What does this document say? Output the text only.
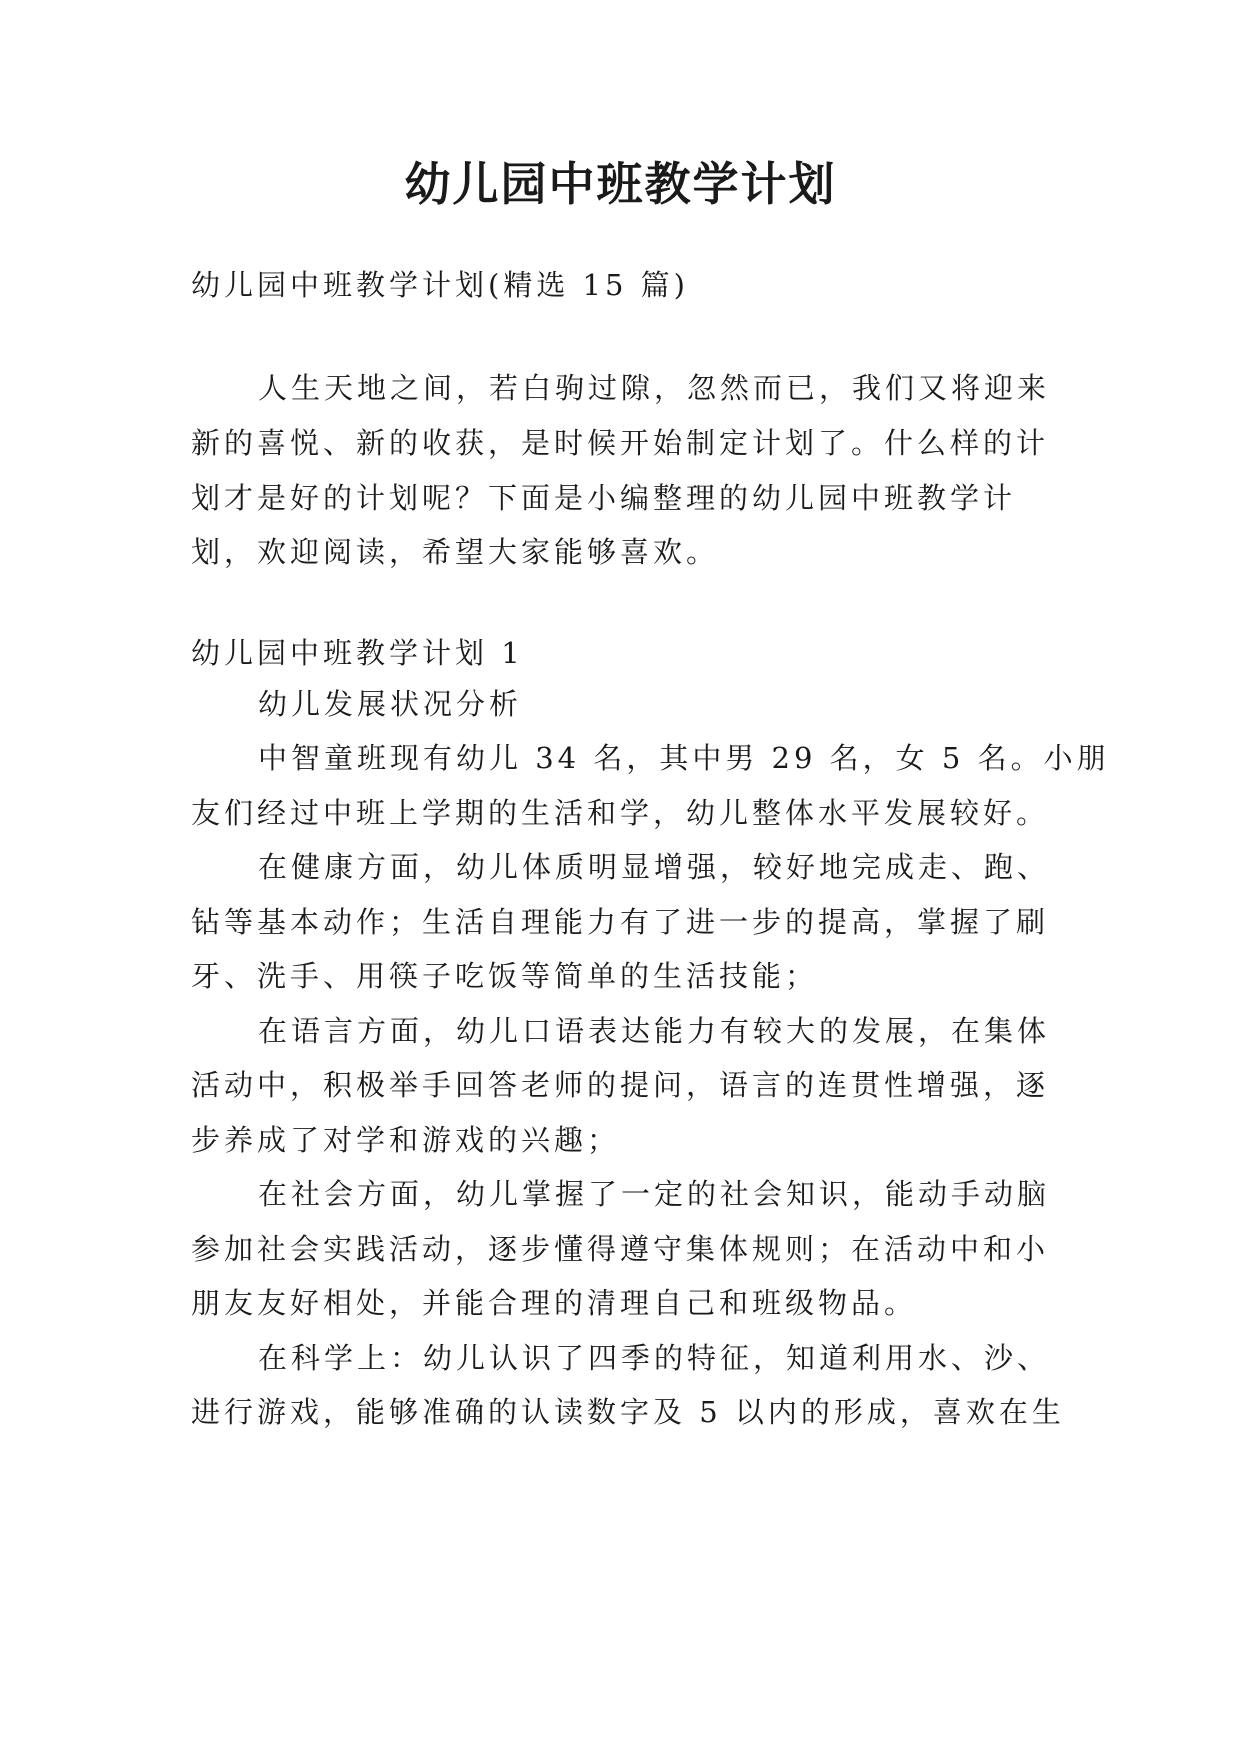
幼儿园中班教学计划

幼儿园中班教学计划(精选 15 篇)

人生天地之间，若白驹过隙，忽然而已，我们又将迎来

新的喜悦、新的收获，是时候开始制定计划了。什么样的计

划才是好的计划呢？下面是小编整理的幼儿园中班教学计

划，欢迎阅读，希望大家能够喜欢。

幼儿园中班教学计划 1

幼儿发展状况分析

中智童班现有幼儿 34 名，其中男 29 名，女 5 名。小朋

友们经过中班上学期的生活和学，幼儿整体水平发展较好。

在健康方面，幼儿体质明显增强，较好地完成走、跑、

钻等基本动作；生活自理能力有了进一步的提高，掌握了刷

牙、洗手、用筷子吃饭等简单的生活技能；

在语言方面，幼儿口语表达能力有较大的发展，在集体

活动中，积极举手回答老师的提问，语言的连贯性增强，逐

步养成了对学和游戏的兴趣；

在社会方面，幼儿掌握了一定的社会知识，能动手动脑

参加社会实践活动，逐步懂得遵守集体规则；在活动中和小

朋友友好相处，并能合理的清理自己和班级物品。

在科学上：幼儿认识了四季的特征，知道利用水、沙、

进行游戏，能够准确的认读数字及 5 以内的形成，喜欢在生
